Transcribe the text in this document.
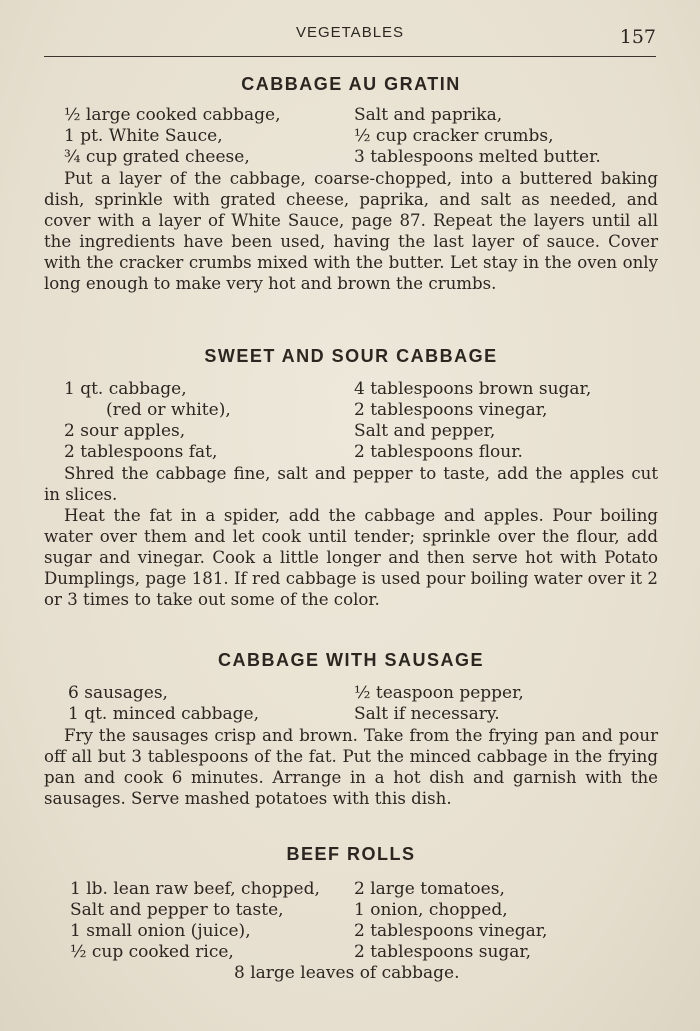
VEGETABLES	157
CABBAGE AU GRATIN
½ large cooked cabbage,	Salt and paprika,
1 pt. White Sauce,	½ cup cracker crumbs,
¾ cup grated cheese,	3 tablespoons melted butter.

Put a layer of the cabbage, coarse-chopped, into a buttered baking dish, sprinkle with grated cheese, paprika, and salt as needed, and cover with a layer of White Sauce, page 87. Repeat the layers until all the ingredients have been used, having the last layer of sauce. Cover with the cracker crumbs mixed with the butter. Let stay in the oven only long enough to make very hot and brown the crumbs.

SWEET AND SOUR CABBAGE
1 qt. cabbage,	4 tablespoons brown sugar,
(red or white),	2 tablespoons vinegar,
2 sour apples,	Salt and pepper,
2 tablespoons fat,	2 tablespoons flour.

Shred the cabbage fine, salt and pepper to taste, add the apples cut in slices.

Heat the fat in a spider, add the cabbage and apples. Pour boiling water over them and let cook until tender; sprinkle over the flour, add sugar and vinegar. Cook a little longer and then serve hot with Potato Dumplings, page 181. If red cabbage is used pour boiling water over it 2 or 3 times to take out some of the color.

CABBAGE WITH SAUSAGE
6 sausages,	½ teaspoon pepper,
1 qt. minced cabbage,	Salt if necessary.

Fry the sausages crisp and brown. Take from the frying pan and pour off all but 3 tablespoons of the fat. Put the minced cabbage in the frying pan and cook 6 minutes. Arrange in a hot dish and garnish with the sausages. Serve mashed potatoes with this dish.

BEEF ROLLS
1 lb. lean raw beef, chopped,	2 large tomatoes,
Salt and pepper to taste,	1 onion, chopped,
1 small onion (juice),	2 tablespoons vinegar,
½ cup cooked rice,	2 tablespoons sugar,
8 large leaves of cabbage.
